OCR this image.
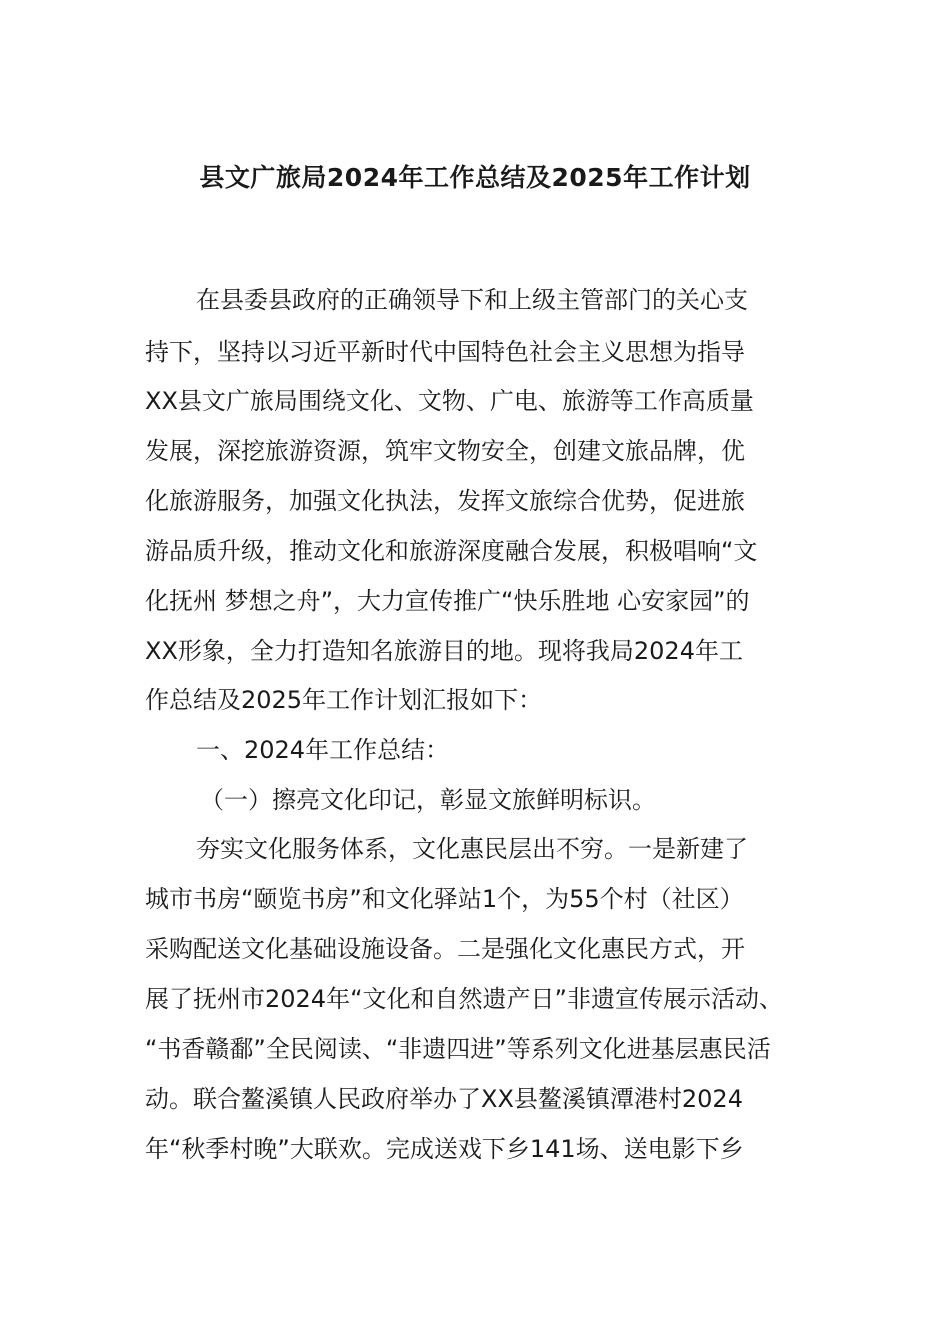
县文广旅局2024年工作总结及2025年工作计划

在县委县政府的正确领导下和上级主管部门的关心支

持下，坚持以习近平新时代中国特色社会主义思想为指导

XX县文广旅局围绕文化、文物、广电、旅游等工作高质量

发展，深挖旅游资源，筑牢文物安全，创建文旅品牌，优

化旅游服务，加强文化执法，发挥文旅综合优势，促进旅

游品质升级，推动文化和旅游深度融合发展，积极唱响“文

化抚州 梦想之舟”，大力宣传推广“快乐胜地 心安家园”的

XX形象，全力打造知名旅游目的地。现将我局2024年工

作总结及2025年工作计划汇报如下：

一、2024年工作总结：

（一）擦亮文化印记，彰显文旅鲜明标识。

夯实文化服务体系，文化惠民层出不穷。一是新建了

城市书房“颐览书房”和文化驿站1个，为55个村（社区）

采购配送文化基础设施设备。二是强化文化惠民方式，开

展了抚州市2024年“文化和自然遗产日”非遗宣传展示活动、

“书香赣鄱”全民阅读、“非遗四进”等系列文化进基层惠民活

动。联合鳌溪镇人民政府举办了XX县鳌溪镇潭港村2024

年“秋季村晚”大联欢。完成送戏下乡141场、送电影下乡
